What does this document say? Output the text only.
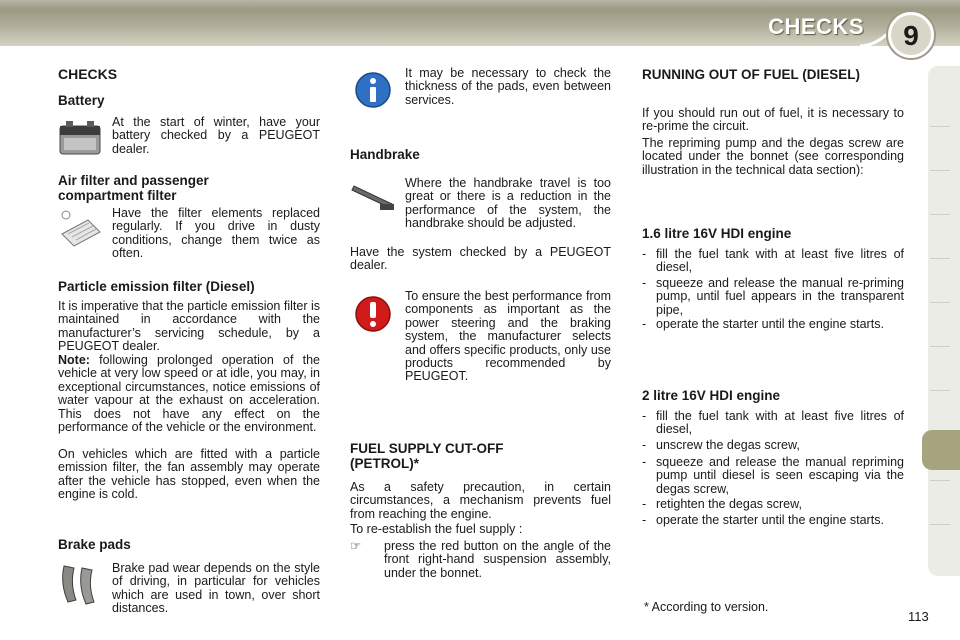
CHECKS	9
CHECKS
Battery
At the start of winter, have your battery checked by a PEUGEOT dealer.
Air filter and passenger compartment filter
Have the filter elements replaced regularly. If you drive in dusty conditions, change them twice as often.
Particle emission filter (Diesel)
It is imperative that the particle emission filter is maintained in accordance with the manufacturer’s servicing schedule, by a PEUGEOT dealer.
Note: following prolonged operation of the vehicle at very low speed or at idle, you may, in exceptional circumstances, notice emissions of water vapour at the exhaust on acceleration. This does not have any effect on the performance of the vehicle or the environment.
On vehicles which are fitted with a particle emission filter, the fan assembly may operate after the vehicle has stopped, even when the engine is cold.
Brake pads
Brake pad wear depends on the style of driving, in particular for vehicles which are used in town, over short distances.
It may be necessary to check the thickness of the pads, even between services.
Handbrake
Where the handbrake travel is too great or there is a reduction in the performance of the system, the handbrake should be adjusted.
Have the system checked by a PEUGEOT dealer.
To ensure the best performance from components as important as the power steering and the braking system, the manufacturer selects and offers specific products, only use products recommended by PEUGEOT.
FUEL SUPPLY CUT-OFF (PETROL)*
As a safety precaution, in certain circumstances, a mechanism prevents fuel from reaching the engine.
To re-establish the fuel supply :
☞	press the red button on the angle of the front right-hand suspension assembly, under the bonnet.
RUNNING OUT OF FUEL (DIESEL)
If you should run out of fuel, it is necessary to re-prime the circuit.
The repriming pump and the degas screw are located under the bonnet (see corresponding illustration in the technical data section):
1.6 litre 16V HDI engine
- fill the fuel tank with at least five litres of diesel,
- squeeze and release the manual re-priming pump, until fuel appears in the transparent pipe,
- operate the starter until the engine starts.
2 litre 16V HDI engine
- fill the fuel tank with at least five litres of diesel,
- unscrew the degas screw,
- squeeze and release the manual repriming pump until diesel is seen escaping via the degas screw,
- retighten the degas screw,
- operate the starter until the engine starts.
* According to version.
113
